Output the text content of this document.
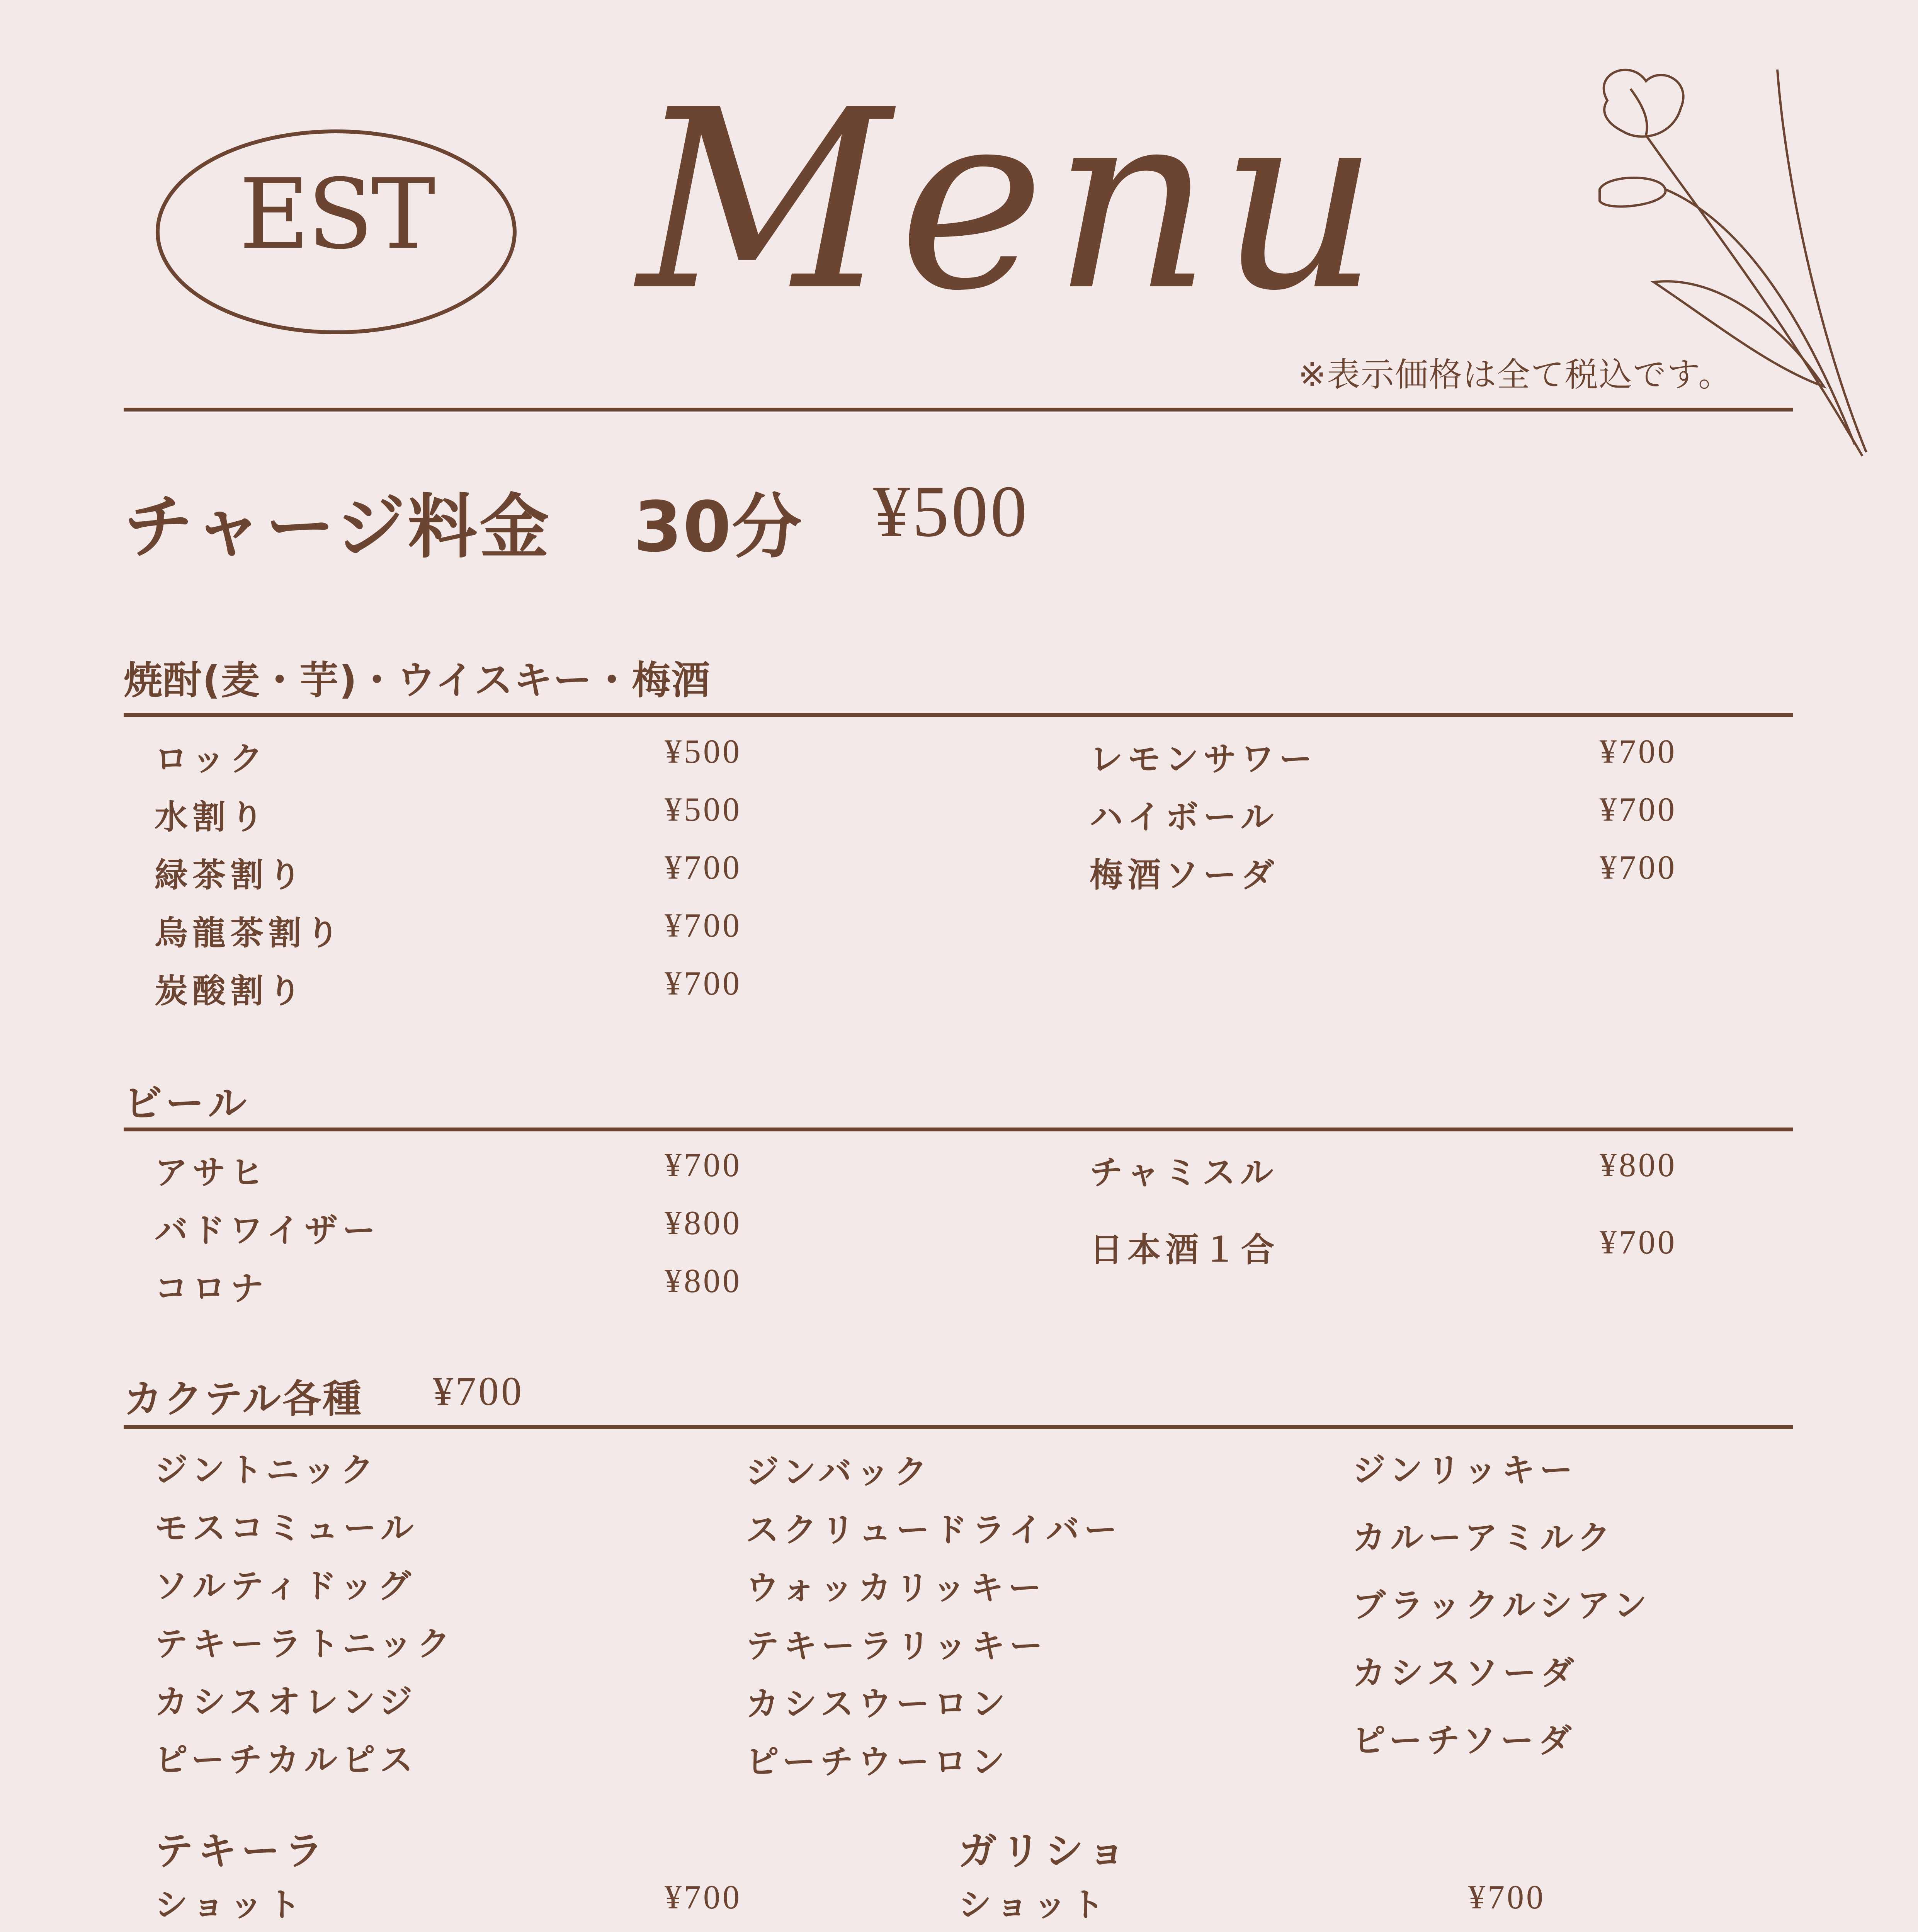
EST Menu
※表示価格は全て税込です。
チャージ料金 30分 ¥500
焼酎(麦・芋)・ウイスキー・梅酒
ロック	¥500
水割り	¥500
緑茶割り	¥700
烏龍茶割り	¥700
炭酸割り	¥700
レモンサワー	¥700
ハイボール	¥700
梅酒ソーダ	¥700
ビール
アサヒ	¥700
バドワイザー	¥800
コロナ	¥800
チャミスル	¥800
日本酒１合	¥700
カクテル各種 ¥700
ジントニック
モスコミュール
ソルティドッグ
テキーラトニック
カシスオレンジ
ピーチカルピス
ジンバック
スクリュードライバー
ウォッカリッキー
テキーラリッキー
カシスウーロン
ピーチウーロン
ジンリッキー
カルーアミルク
ブラックルシアン
カシスソーダ
ピーチソーダ
テキーラ
ショット	¥700
ガリショ
ショット	¥700
